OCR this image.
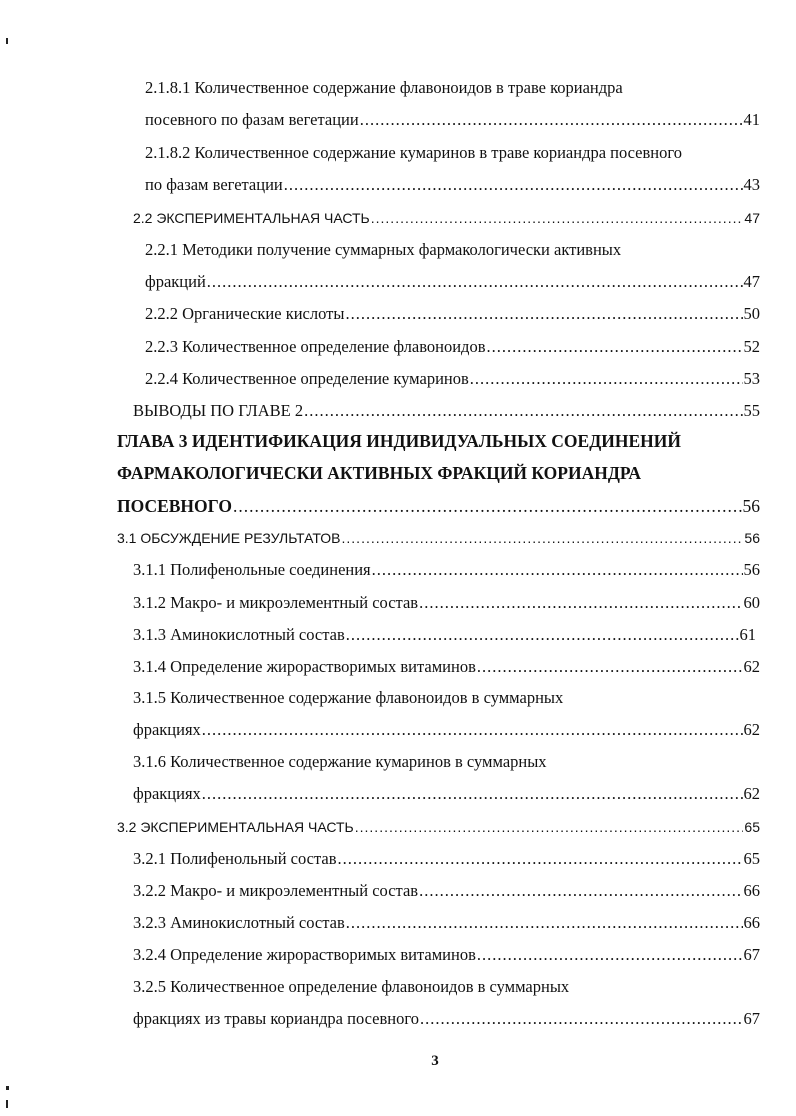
2.1.8.1 Количественное содержание флавоноидов в траве кориандра
посевного по фазам вегетации .....	41
2.1.8.2 Количественное содержание кумаринов в траве кориандра посевного
по фазам вегетации .....	43
2.2 ЭКСПЕРИМЕНТАЛЬНАЯ ЧАСТЬ .....	47
2.2.1 Методики получение суммарных фармакологически активных
фракций .....	47
2.2.2 Органические кислоты .....	50
2.2.3 Количественное определение флавоноидов .....	52
2.2.4 Количественное определение кумаринов .....	53
ВЫВОДЫ ПО ГЛАВЕ 2 .....	55
ГЛАВА 3 ИДЕНТИФИКАЦИЯ ИНДИВИДУАЛЬНЫХ СОЕДИНЕНИЙ
ФАРМАКОЛОГИЧЕСКИ АКТИВНЫХ ФРАКЦИЙ КОРИАНДРА
ПОСЕВНОГО .....	56
3.1 ОБСУЖДЕНИЕ РЕЗУЛЬТАТОВ .....	56
3.1.1 Полифенольные соединения .....	56
3.1.2 Макро- и микроэлементный состав .....	60
3.1.3 Аминокислотный состав .....	61
3.1.4 Определение жирорастворимых витаминов .....	62
3.1.5 Количественное содержание флавоноидов в суммарных
фракциях .....	62
3.1.6 Количественное содержание кумаринов в суммарных
фракциях .....	62
3.2 ЭКСПЕРИМЕНТАЛЬНАЯ ЧАСТЬ .....	65
3.2.1 Полифенольный состав .....	65
3.2.2 Макро- и микроэлементный состав .....	66
3.2.3 Аминокислотный состав .....	66
3.2.4 Определение жирорастворимых витаминов .....	67
3.2.5 Количественное определение флавоноидов в суммарных
фракциях из травы кориандра посевного .....	67
3
